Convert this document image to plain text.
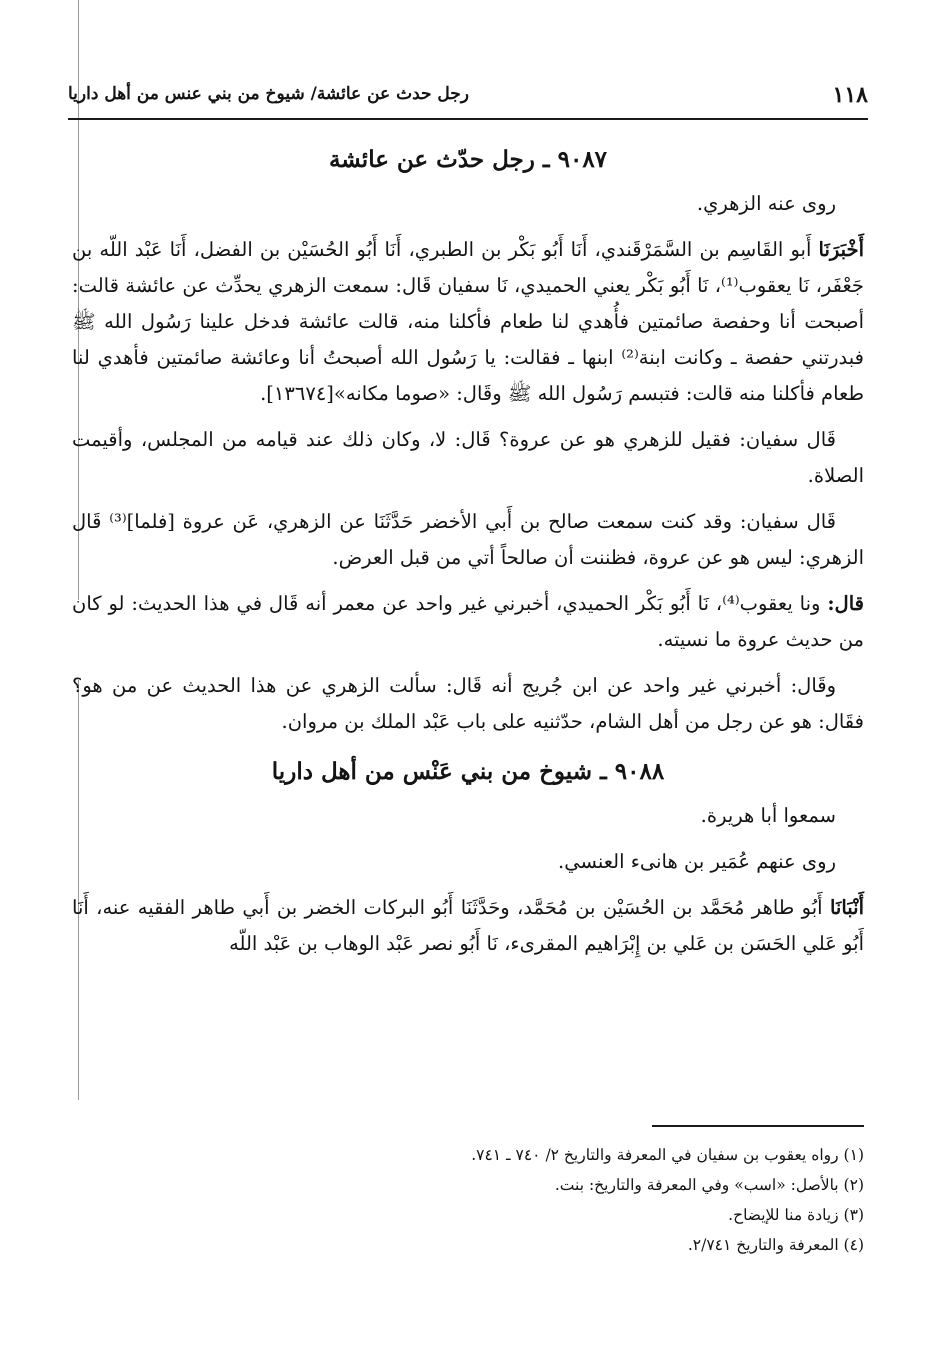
١١٨
رجل حدث عن عائشة/ شيوخ من بني عنس من أهل داريا
٩٠٨٧ ـ رجل حدّث عن عائشة

روى عنه الزهري.

أَخْبَرَنَا أَبو القَاسِم بن السَّمَرْقَندي، أَنَا أَبُو بَكْر بن الطبري، أَنَا أَبُو الحُسَيْن بن الفضل، أَنَا عَبْد اللّه بن جَعْفَر، نَا يعقوب⁽¹⁾، نَا أَبُو بَكْر يعني الحميدي، نَا سفيان قَال: سمعت الزهري يحدِّث عن عائشة قالت: أصبحت أنا وحفصة صائمتين فأُهدي لنا طعام فأكلنا منه، قالت عائشة فدخل علينا رَسُول الله ﷺ فبدرتني حفصة ـ وكانت ابنة⁽²⁾ ابنها ـ فقالت: يا رَسُول الله أصبحتُ أنا وعائشة صائمتين فأهدي لنا طعام فأكلنا منه قالت: فتبسم رَسُول الله ﷺ وقَال: «صوما مكانه»[١٣٦٧٤].

قَال سفيان: فقيل للزهري هو عن عروة؟ قَال: لا، وكان ذلك عند قيامه من المجلس، وأقيمت الصلاة.

قَال سفيان: وقد كنت سمعت صالح بن أَبي الأخضر حَدَّثَنَا عن الزهري، عَن عروة [فلما]⁽³⁾ قَال الزهري: ليس هو عن عروة، فظننت أن صالحاً أتي من قبل العرض.

قال: ونا يعقوب⁽⁴⁾، نَا أَبُو بَكْر الحميدي، أخبرني غير واحد عن معمر أنه قَال في هذا الحديث: لو كان من حديث عروة ما نسيته.

وقَال: أخبرني غير واحد عن ابن جُريج أنه قَال: سألت الزهري عن هذا الحديث عن من هو؟ فقَال: هو عن رجل من أهل الشام، حدّثنيه على باب عَبْد الملك بن مروان.

٩٠٨٨ ـ شيوخ من بني عَنْس من أهل داريا

سمعوا أبا هريرة.

روى عنهم عُمَير بن هانىء العنسي.

أَنْبَانَا أَبُو طاهر مُحَمَّد بن الحُسَيْن بن مُحَمَّد، وحَدَّثَنَا أَبُو البركات الخضر بن أَبي طاهر الفقيه عنه، أَنَا أَبُو عَلي الحَسَن بن عَلي بن إِبْرَاهيم المقرىء، نَا أَبُو نصر عَبْد الوهاب بن عَبْد اللّه

(١) رواه يعقوب بن سفيان في المعرفة والتاريخ ٢/ ٧٤٠ ـ ٧٤١.
(٢) بالأصل: «اسب» وفي المعرفة والتاريخ: بنت.
(٣) زيادة منا للإيضاح.
(٤) المعرفة والتاريخ ٢/٧٤١.
